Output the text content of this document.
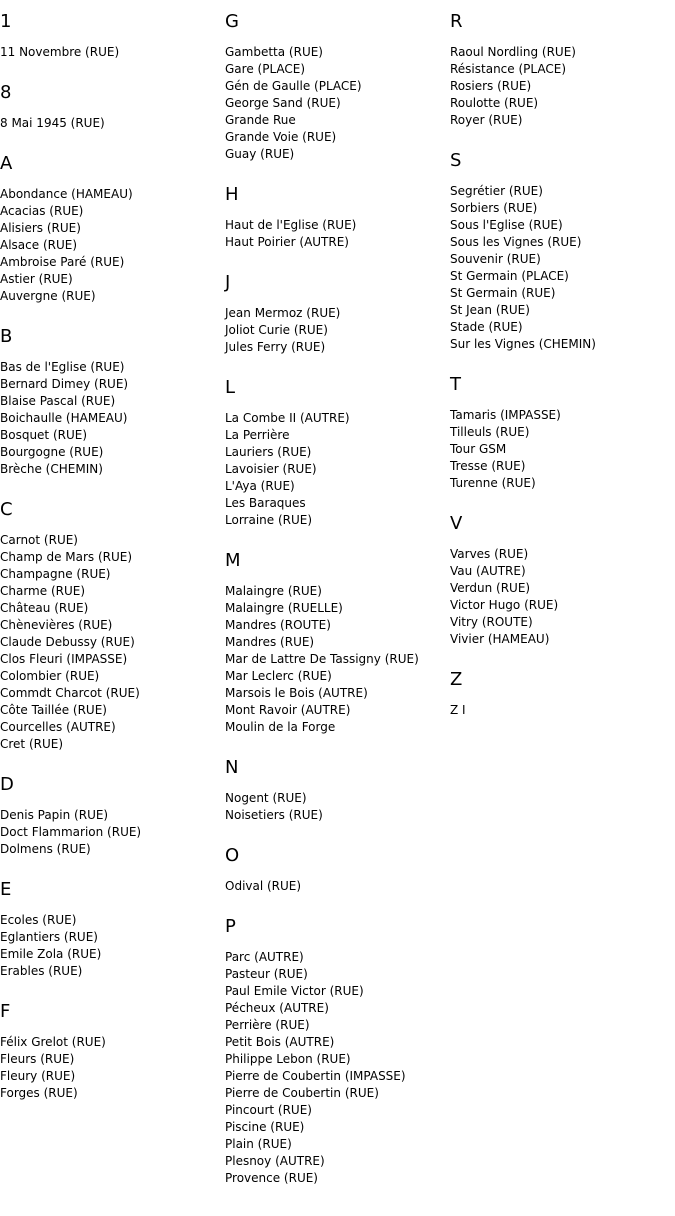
1
11 Novembre (RUE)
8
8 Mai 1945 (RUE)
A
Abondance (HAMEAU)
Acacias (RUE)
Alisiers (RUE)
Alsace (RUE)
Ambroise Paré (RUE)
Astier (RUE)
Auvergne (RUE)
B
Bas de l'Eglise (RUE)
Bernard Dimey (RUE)
Blaise Pascal (RUE)
Boichaulle (HAMEAU)
Bosquet (RUE)
Bourgogne (RUE)
Brèche (CHEMIN)
C
Carnot (RUE)
Champ de Mars (RUE)
Champagne (RUE)
Charme (RUE)
Château (RUE)
Chènevières (RUE)
Claude Debussy (RUE)
Clos Fleuri (IMPASSE)
Colombier (RUE)
Commdt Charcot (RUE)
Côte Taillée (RUE)
Courcelles (AUTRE)
Cret (RUE)
D
Denis Papin (RUE)
Doct Flammarion (RUE)
Dolmens (RUE)
E
Ecoles (RUE)
Eglantiers (RUE)
Emile Zola (RUE)
Erables (RUE)
F
Félix Grelot (RUE)
Fleurs (RUE)
Fleury (RUE)
Forges (RUE)
G
Gambetta (RUE)
Gare (PLACE)
Gén de Gaulle (PLACE)
George Sand (RUE)
Grande Rue
Grande Voie (RUE)
Guay (RUE)
H
Haut de l'Eglise (RUE)
Haut Poirier (AUTRE)
J
Jean Mermoz (RUE)
Joliot Curie (RUE)
Jules Ferry (RUE)
L
La Combe II (AUTRE)
La Perrière
Lauriers (RUE)
Lavoisier (RUE)
L'Aya (RUE)
Les Baraques
Lorraine (RUE)
M
Malaingre (RUE)
Malaingre (RUELLE)
Mandres (ROUTE)
Mandres (RUE)
Mar de Lattre De Tassigny (RUE)
Mar Leclerc (RUE)
Marsois le Bois (AUTRE)
Mont Ravoir (AUTRE)
Moulin de la Forge
N
Nogent (RUE)
Noisetiers (RUE)
O
Odival (RUE)
P
Parc (AUTRE)
Pasteur (RUE)
Paul Emile Victor (RUE)
Pécheux (AUTRE)
Perrière (RUE)
Petit Bois (AUTRE)
Philippe Lebon (RUE)
Pierre de Coubertin (IMPASSE)
Pierre de Coubertin (RUE)
Pincourt (RUE)
Piscine (RUE)
Plain (RUE)
Plesnoy (AUTRE)
Provence (RUE)
R
Raoul Nordling (RUE)
Résistance (PLACE)
Rosiers (RUE)
Roulotte (RUE)
Royer (RUE)
S
Segrétier (RUE)
Sorbiers (RUE)
Sous l'Eglise (RUE)
Sous les Vignes (RUE)
Souvenir (RUE)
St Germain (PLACE)
St Germain (RUE)
St Jean (RUE)
Stade (RUE)
Sur les Vignes (CHEMIN)
T
Tamaris (IMPASSE)
Tilleuls (RUE)
Tour GSM
Tresse (RUE)
Turenne (RUE)
V
Varves (RUE)
Vau (AUTRE)
Verdun (RUE)
Victor Hugo (RUE)
Vitry (ROUTE)
Vivier (HAMEAU)
Z
Z I
